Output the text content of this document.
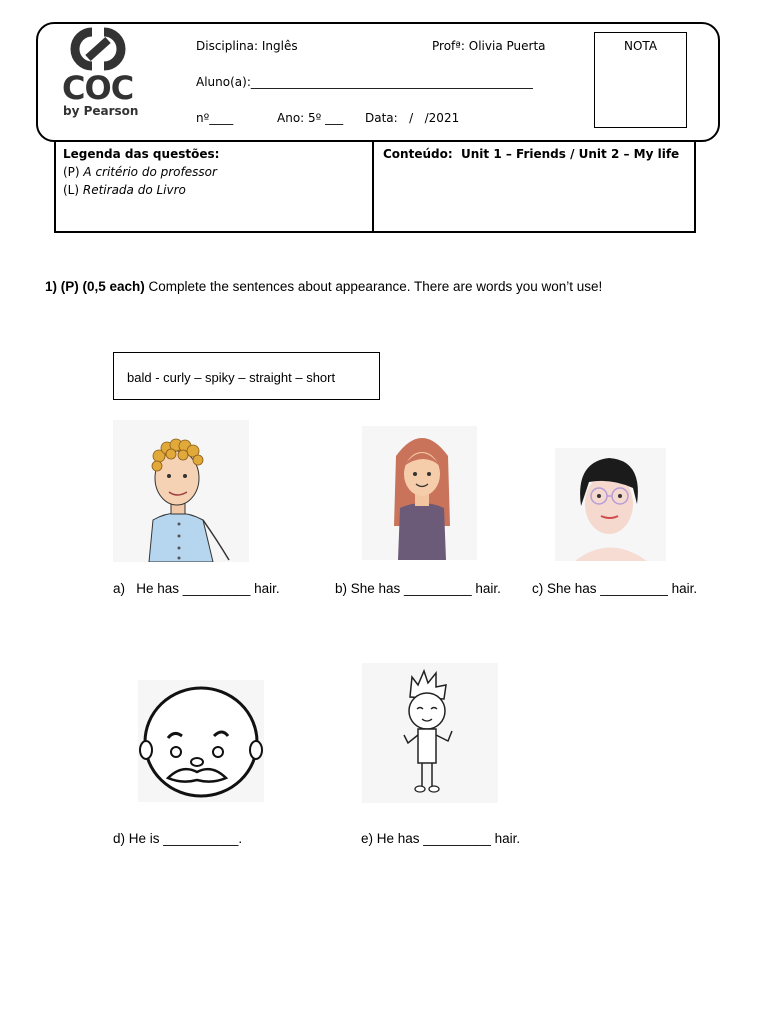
COC
by Pearson
Disciplina: Inglês	Profª: Olivia Puerta	NOTA
Aluno(a):_______________________________________________
nº____	Ano: 5º ___ Data:   /   /2021
Legenda das questões:
(P) A critério do professor
(L) Retirada do Livro
Conteúdo:  Unit 1 – Friends / Unit 2 – My life
1) (P) (0,5 each) Complete the sentences about appearance. There are words you won’t use!
bald - curly – spiky – straight – short
a)   He has _________ hair.	b) She has _________ hair. c) She has _________ hair.
d) He is __________.	e) He has _________ hair.
